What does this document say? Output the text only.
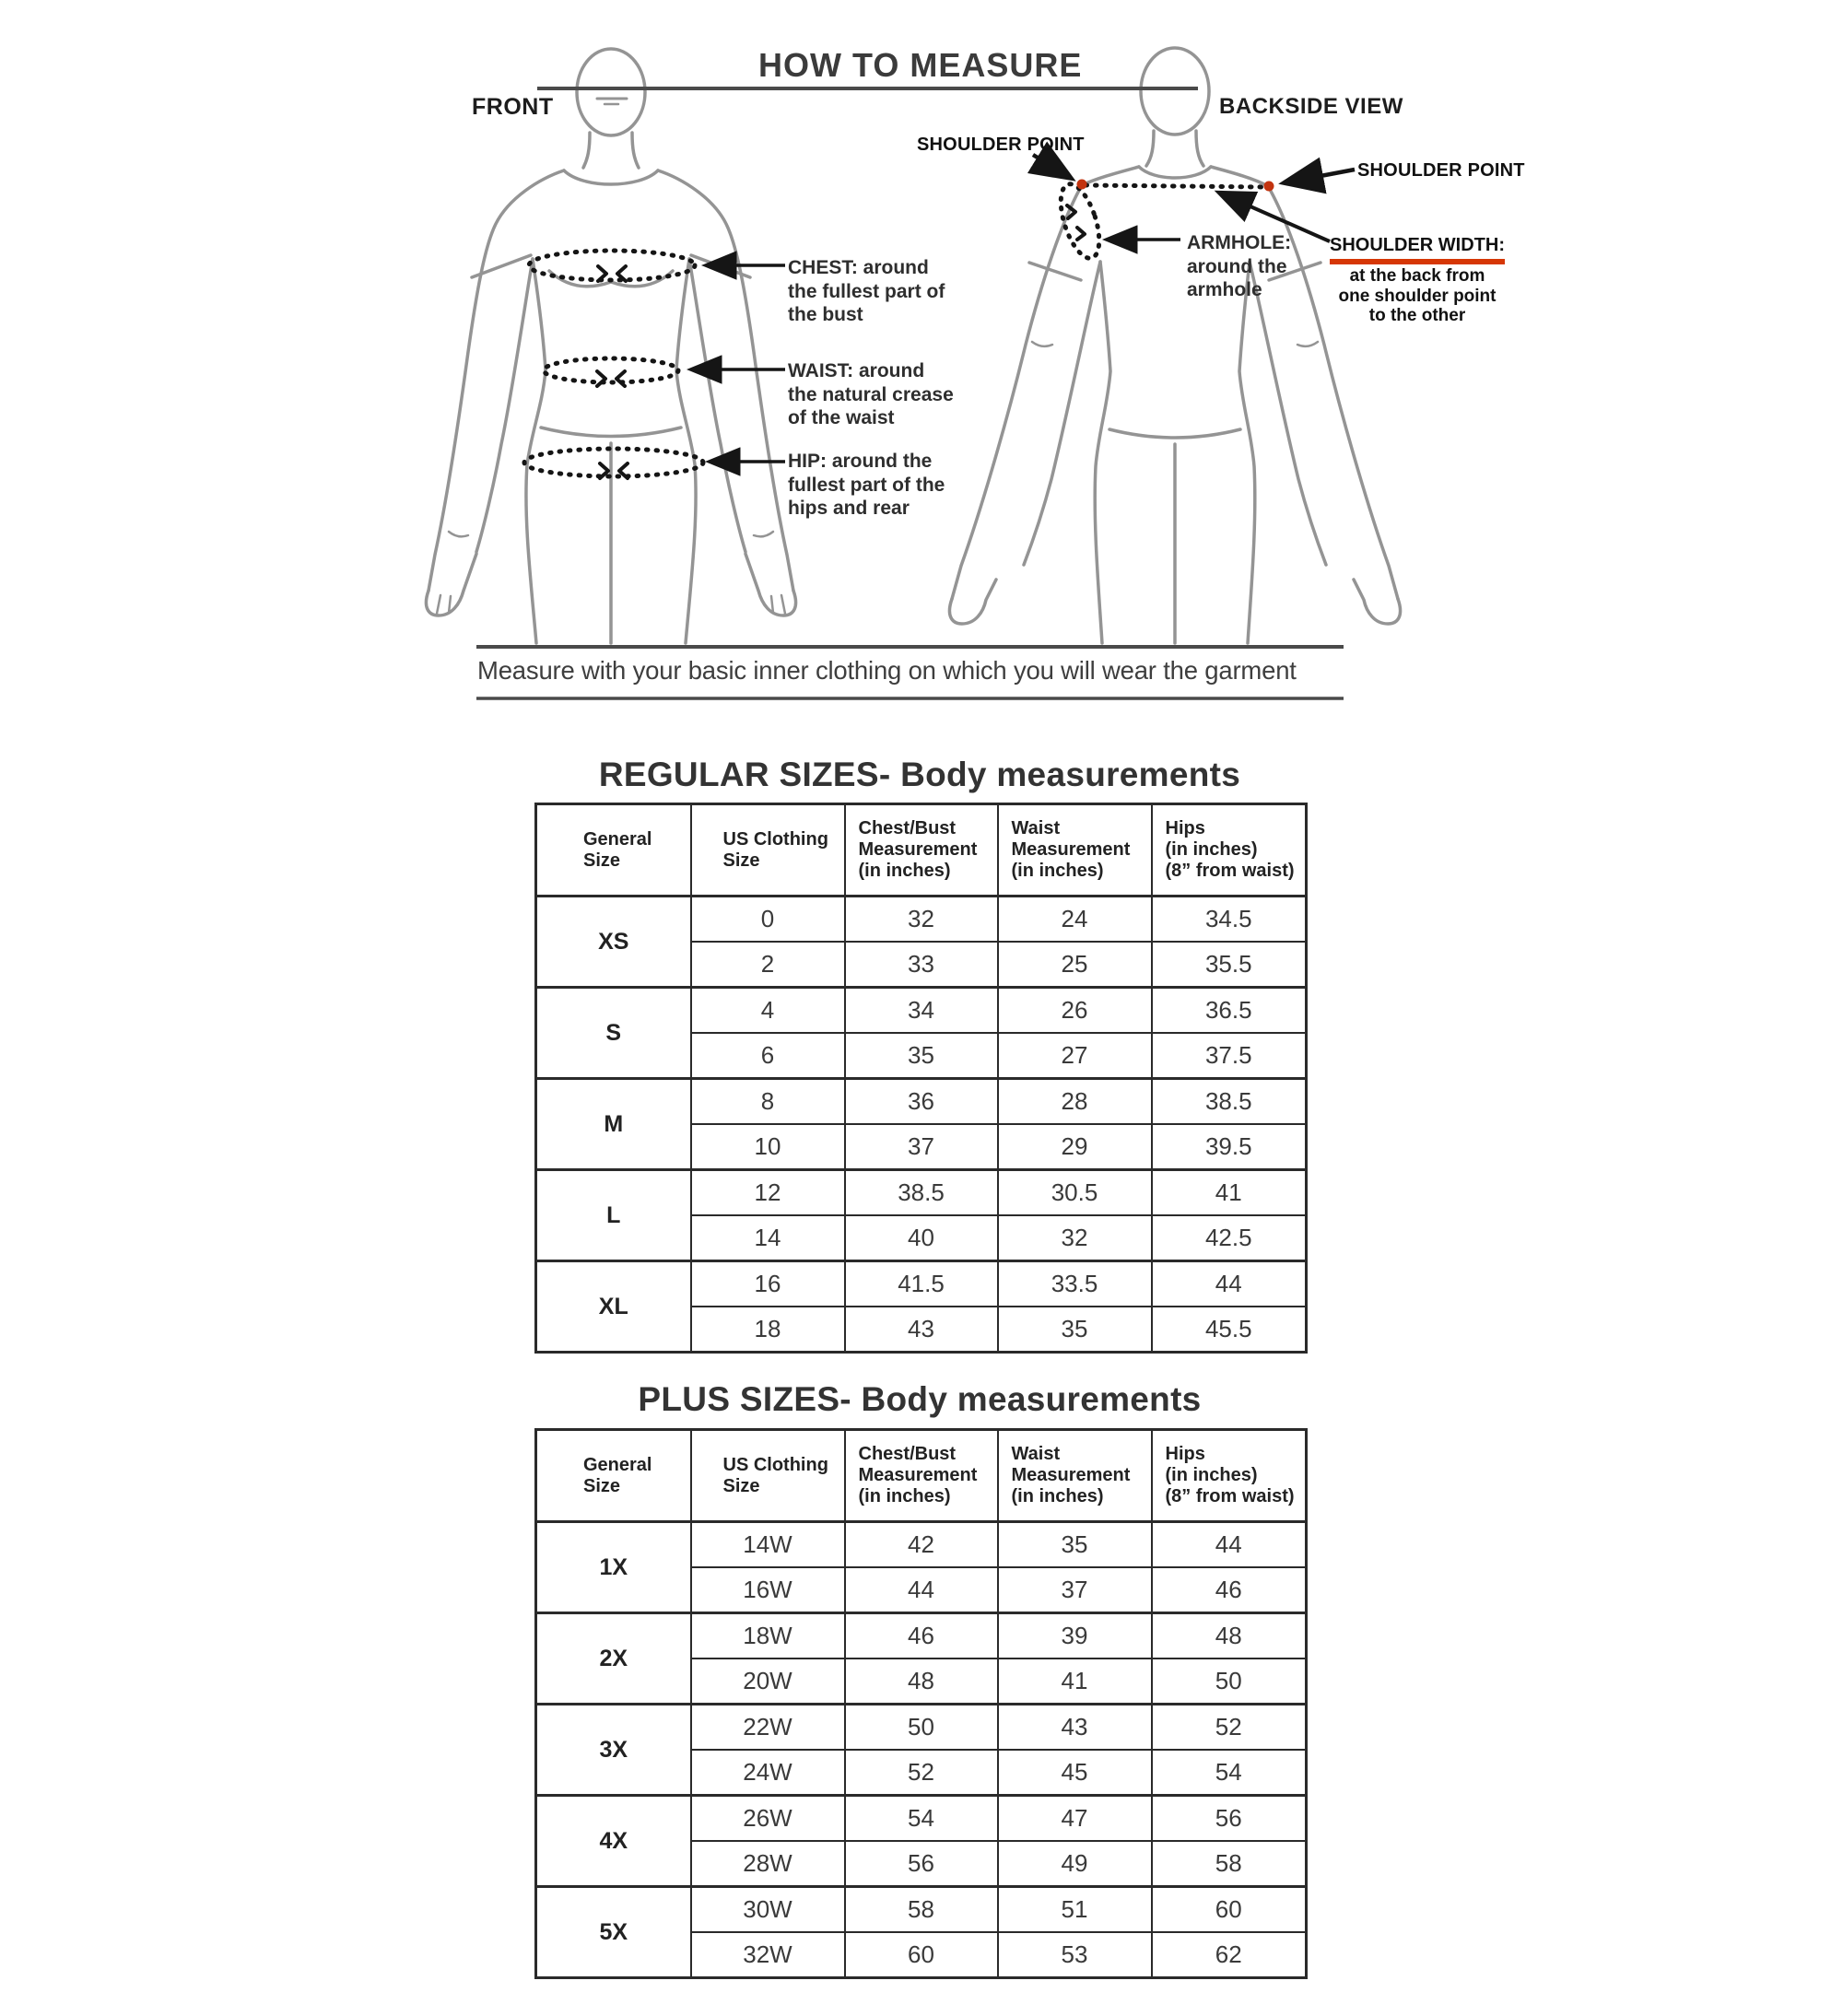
HOW TO MEASURE
FRONT	BACKSIDE VIEW
CHEST: around
the fullest part of
the bust
WAIST: around
the natural crease
of the waist
HIP: around the
fullest part of the
hips and rear
SHOULDER POINT
SHOULDER POINT
ARMHOLE:
around the
armhole
SHOULDER WIDTH:
at the back from
one shoulder point
to the other
Measure with your basic inner clothing on which you will wear the garment
REGULAR SIZES- Body measurements
General
Size	US Clothing
Size	Chest/Bust
Measurement
(in inches)	Waist
Measurement
(in inches)	Hips
(in inches)
(8” from waist)

XS	0	32	24	34.5
	2	33	25	35.5
S	4	34	26	36.5
	6	35	27	37.5
M	8	36	28	38.5
	10	37	29	39.5
L	12	38.5	30.5	41
	14	40	32	42.5
XL	16	41.5	33.5	44
	18	43	35	45.5
PLUS SIZES- Body measurements
General
Size	US Clothing
Size	Chest/Bust
Measurement
(in inches)	Waist
Measurement
(in inches)	Hips
(in inches)
(8” from waist)

1X	14W	42	35	44
	16W	44	37	46
2X	18W	46	39	48
	20W	48	41	50
3X	22W	50	43	52
	24W	52	45	54
4X	26W	54	47	56
	28W	56	49	58
5X	30W	58	51	60
	32W	60	53	62
